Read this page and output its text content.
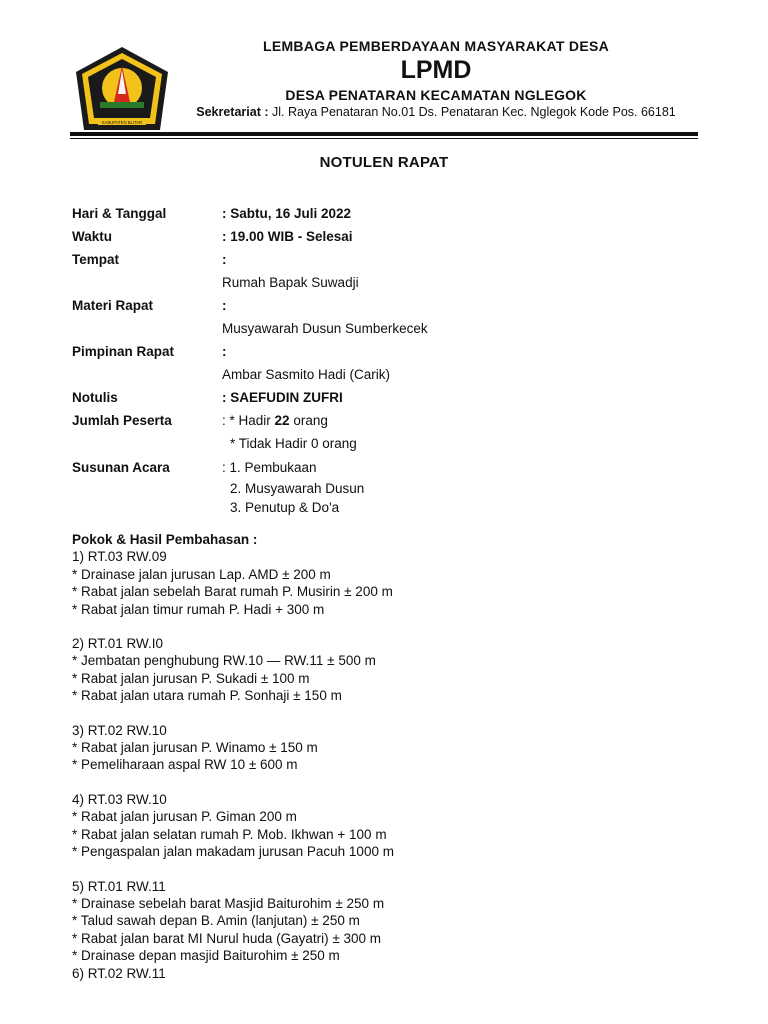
KABUPATEN BLITAR
LEMBAGA PEMBERDAYAAN MASYARAKAT DESA
LPMD
DESA PENATARAN KECAMATAN NGLEGOK
Sekretariat : Jl. Raya Penataran No.01 Ds. Penataran Kec. Nglegok Kode Pos. 66181
NOTULEN RAPAT
Hari & Tanggal	: Sabtu, 16 Juli 2022
Waktu	: 19.00 WIB - Selesai
Tempat	:
Rumah Bapak Suwadji
Materi Rapat	:
Musyawarah Dusun Sumberkecek
Pimpinan Rapat	:
Ambar Sasmito Hadi (Carik)
Notulis	: SAEFUDIN ZUFRI
Jumlah Peserta	: * Hadir 22 orang
* Tidak Hadir 0 orang
Susunan Acara	: 1. Pembukaan
2. Musyawarah Dusun
3. Penutup & Do'a
Pokok & Hasil Pembahasan :
1) RT.03 RW.09
* Drainase jalan jurusan Lap. AMD ± 200 m
* Rabat jalan sebelah Barat rumah P. Musirin ± 200 m
* Rabat jalan timur rumah P. Hadi + 300 m
2) RT.01 RW.I0
* Jembatan penghubung RW.10 — RW.11 ± 500 m
* Rabat jalan jurusan P. Sukadi ± 100 m
* Rabat jalan utara rumah P. Sonhaji ± 150 m
3) RT.02 RW.10
* Rabat jalan jurusan P. Winamo ± 150 m
* Pemeliharaan aspal RW 10 ± 600 m
4) RT.03 RW.10
* Rabat jalan jurusan P. Giman 200 m
* Rabat jalan selatan rumah P. Mob. Ikhwan + 100 m
* Pengaspalan jalan makadam jurusan Pacuh 1000 m
5) RT.01 RW.11
* Drainase sebelah barat Masjid Baiturohim ± 250 m
* Talud sawah depan B. Amin (lanjutan) ± 250 m
* Rabat jalan barat MI Nurul huda (Gayatri) ± 300 m
* Drainase depan masjid Baiturohim ± 250 m
6) RT.02 RW.11
